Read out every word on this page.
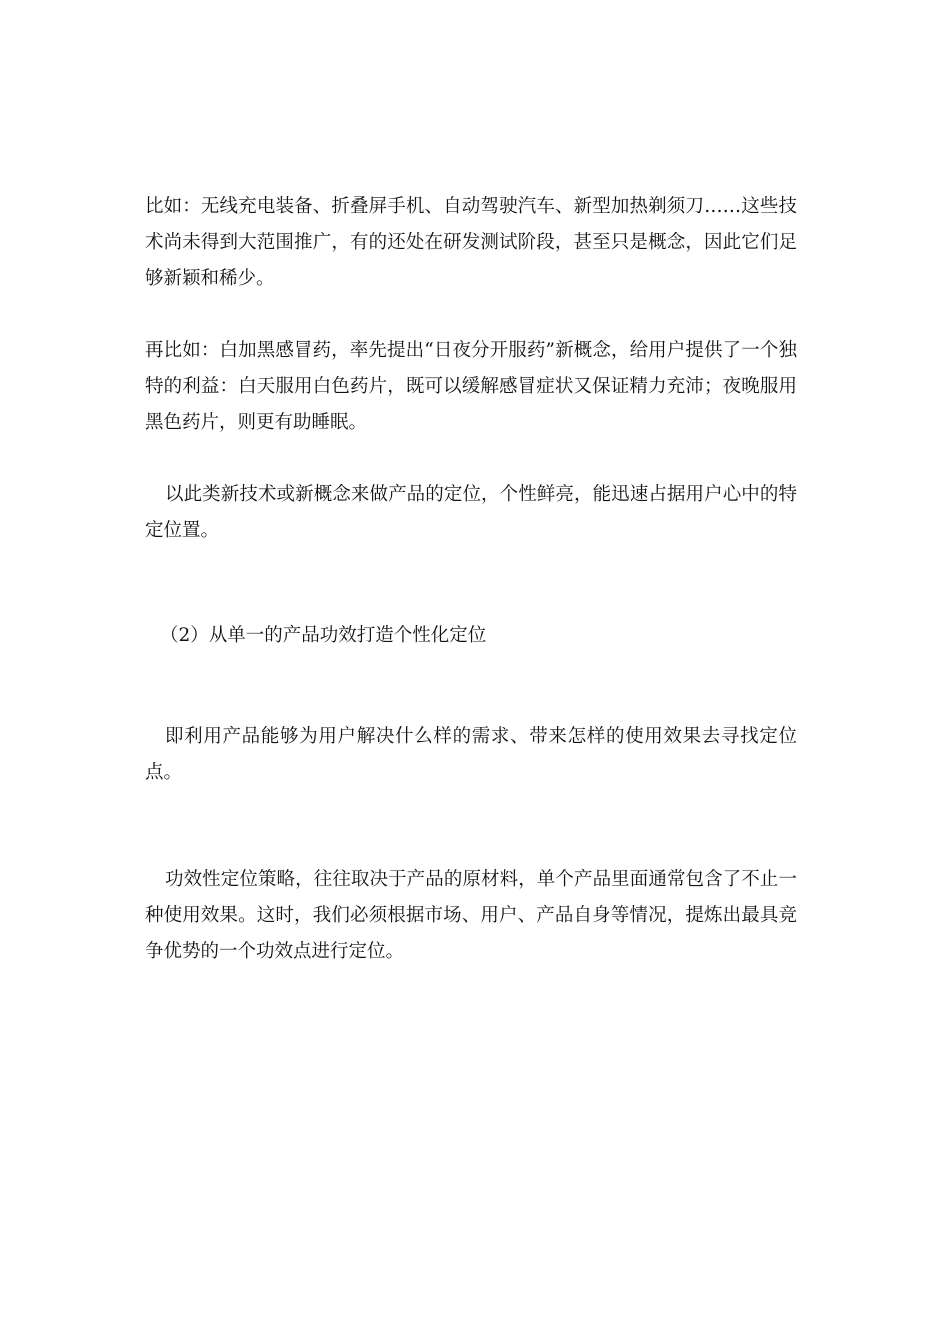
比如：无线充电装备、折叠屏手机、自动驾驶汽车、新型加热剃须刀……这些技术尚未得到大范围推广，有的还处在研发测试阶段，甚至只是概念，因此它们足够新颖和稀少。

再比如：白加黑感冒药，率先提出“日夜分开服药”新概念，给用户提供了一个独特的利益：白天服用白色药片，既可以缓解感冒症状又保证精力充沛；夜晚服用黑色药片，则更有助睡眠。

以此类新技术或新概念来做产品的定位，个性鲜亮，能迅速占据用户心中的特定位置。

（2）从单一的产品功效打造个性化定位

即利用产品能够为用户解决什么样的需求、带来怎样的使用效果去寻找定位点。

功效性定位策略，往往取决于产品的原材料，单个产品里面通常包含了不止一种使用效果。这时，我们必须根据市场、用户、产品自身等情况，提炼出最具竞争优势的一个功效点进行定位。
